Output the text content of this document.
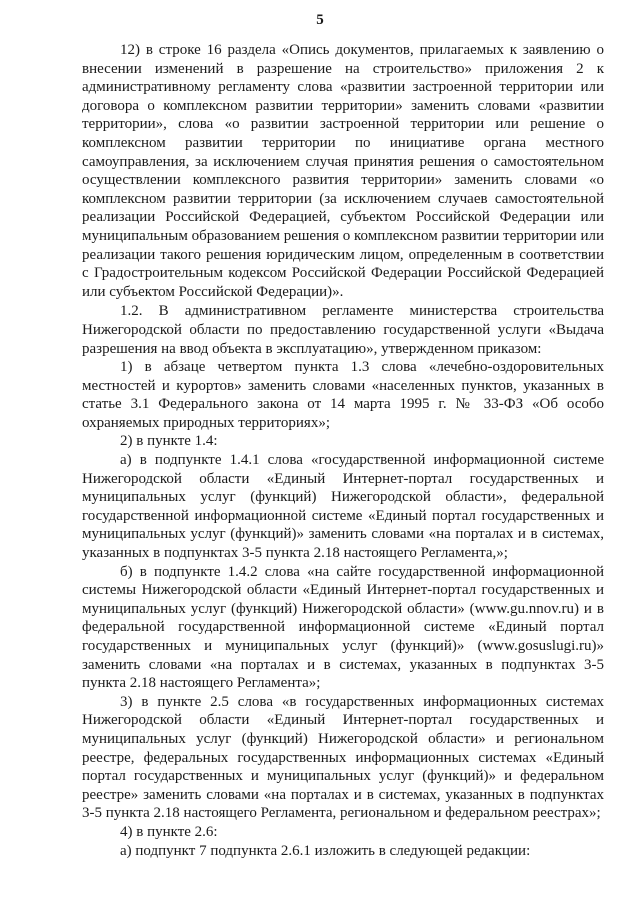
5

12) в строке 16 раздела «Опись документов, прилагаемых к заявлению о внесении изменений в разрешение на строительство» приложения 2 к административному регламенту слова «развитии застроенной территории или договора о комплексном развитии территории» заменить словами «развитии территории», слова «о развитии застроенной территории или решение о комплексном развитии территории по инициативе органа местного самоуправления, за исключением случая принятия решения о самостоятельном осуществлении комплексного развития территории» заменить словами «о комплексном развитии территории (за исключением случаев самостоятельной реализации Российской Федерацией, субъектом Российской Федерации или муниципальным образованием решения о комплексном развитии территории или реализации такого решения юридическим лицом, определенным в соответствии с Градостроительным кодексом Российской Федерации Российской Федерацией или субъектом Российской Федерации)».

1.2. В административном регламенте министерства строительства Нижегородской области по предоставлению государственной услуги «Выдача разрешения на ввод объекта в эксплуатацию», утвержденном приказом:

1) в абзаце четвертом пункта 1.3 слова «лечебно-оздоровительных местностей и курортов» заменить словами «населенных пунктов, указанных в статье 3.1 Федерального закона от 14 марта 1995 г. № 33-ФЗ «Об особо охраняемых природных территориях»;

2) в пункте 1.4:

а) в подпункте 1.4.1 слова «государственной информационной системе Нижегородской области «Единый Интернет-портал государственных и муниципальных услуг (функций) Нижегородской области», федеральной государственной информационной системе «Единый портал государственных и муниципальных услуг (функций)» заменить словами «на порталах и в системах, указанных в подпунктах 3-5 пункта 2.18 настоящего Регламента,»;

б) в подпункте 1.4.2 слова «на сайте государственной информационной системы Нижегородской области «Единый Интернет-портал государственных и муниципальных услуг (функций) Нижегородской области» (www.gu.nnov.ru) и в федеральной государственной информационной системе «Единый портал государственных и муниципальных услуг (функций)» (www.gosuslugi.ru)» заменить словами «на порталах и в системах, указанных в подпунктах 3-5 пункта 2.18 настоящего Регламента»;

3) в пункте 2.5 слова «в государственных информационных системах Нижегородской области «Единый Интернет-портал государственных и муниципальных услуг (функций) Нижегородской области» и региональном реестре, федеральных государственных информационных системах «Единый портал государственных и муниципальных услуг (функций)» и федеральном реестре» заменить словами «на порталах и в системах, указанных в подпунктах 3-5 пункта 2.18 настоящего Регламента, региональном и федеральном реестрах»;

4) в пункте 2.6:

а) подпункт 7 подпункта 2.6.1 изложить в следующей редакции:
